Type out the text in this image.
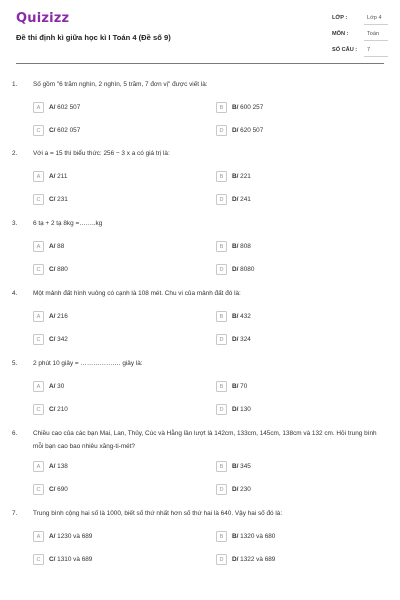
Quizizz
Đề thi định kì giữa học kì I Toán 4 (Đề số 9)
LỚP :	Lớp 4
MÔN :	Toán
SỐ CÂU : 7
1. Số gồm "6 trăm nghìn, 2 nghìn, 5 trăm, 7 đơn vị" được viết là:
A	A/ 602 507	B	B/ 600 257
C	C/ 602 057	D	D/ 620 507
2. Với a = 15 thì biểu thức: 256 − 3 x a có giá trị là:
A	A/ 211	B	B/ 221
C	C/ 231	D	D/ 241
3. 6 tạ + 2 tạ 8kg =……..kg
A	A/ 88	B	B/ 808
C	C/ 880	D	D/ 8080
4. Một mảnh đất hình vuông có cạnh là 108 mét. Chu vi của mảnh đất đó là:
A	A/ 216	B	B/ 432
C	C/ 342	D	D/ 324
5. 2 phút 10 giây = ………………. giây là:
A	A/ 30	B	B/ 70
C	C/ 210	D	D/ 130
6. Chiều cao của các bạn Mai, Lan, Thủy, Cúc và Hằng lần lượt là 142cm, 133cm, 145cm, 138cm và 132 cm. Hỏi trung bình mỗi bạn cao bao nhiêu xăng-ti-mét?
A	A/ 138	B	B/ 345
C	C/ 690	D	D/ 230
7. Trung bình cộng hai số là 1000, biết số thứ nhất hơn số thứ hai là 640. Vậy hai số đó là:
A	A/ 1230 và 689	B	B/ 1320 và 680
C	C/ 1310 và 689	D	D/ 1322 và 689
